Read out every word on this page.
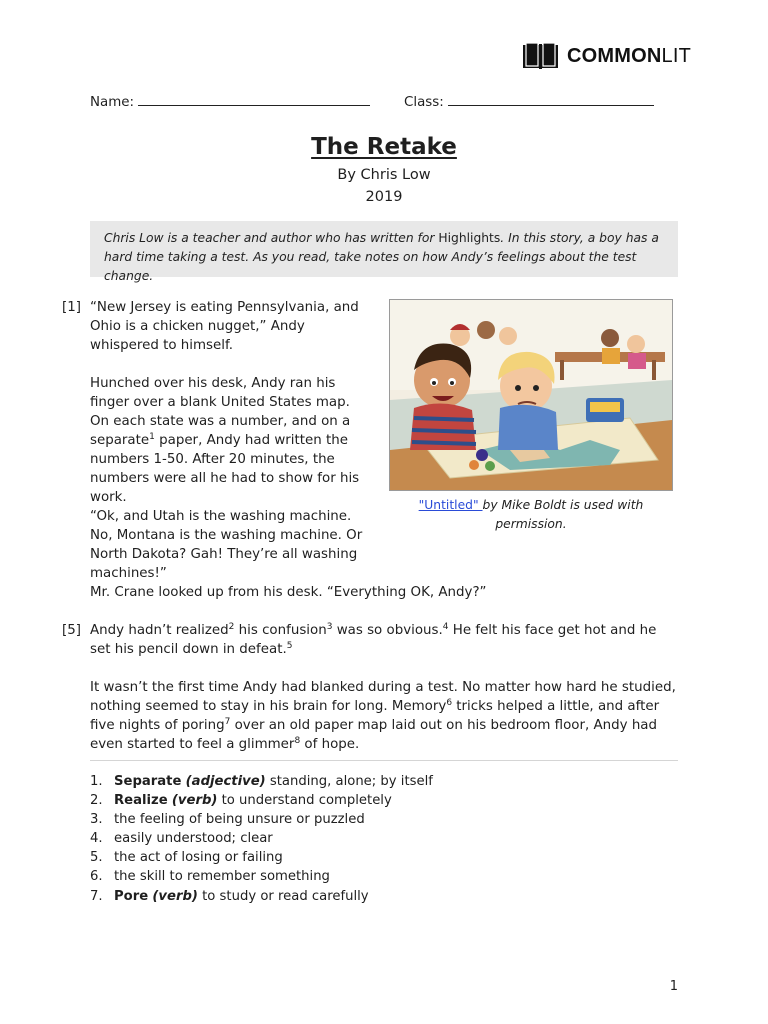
COMMONLIT
Name:	Class:
The Retake
By Chris Low
2019
Chris Low is a teacher and author who has written for Highlights. In this story, a boy has a hard time taking a test. As you read, take notes on how Andy’s feelings about the test change.
[1] “New Jersey is eating Pennsylvania, and Ohio is a chicken nugget,” Andy whispered to himself.

Hunched over his desk, Andy ran his finger over a blank United States map. On each state was a number, and on a separate$^1$ paper, Andy had written the numbers 1-50. After 20 minutes, the numbers were all he had to show for his work.

“Ok, and Utah is the washing machine. No, Montana is the washing machine. Or North Dakota? Gah! They’re all washing machines!”

Mr. Crane looked up from his desk. “Everything OK, Andy?”

[5] Andy hadn’t realized$^2$ his confusion$^3$ was so obvious.$^4$ He felt his face get hot and he set his pencil down in defeat.$^5$

It wasn’t the first time Andy had blanked during a test. No matter how hard he studied, nothing seemed to stay in his brain for long. Memory$^6$ tricks helped a little, and after five nights of poring$^7$ over an old paper map laid out on his bedroom floor, Andy had even started to feel a glimmer$^8$ of hope.

"Untitled" by Mike Boldt is used with permission.
1. Separate (adjective) standing, alone; by itself
2. Realize (verb) to understand completely
3. the feeling of being unsure or puzzled
4. easily understood; clear
5. the act of losing or failing
6. the skill to remember something
7. Pore (verb) to study or read carefully
1
